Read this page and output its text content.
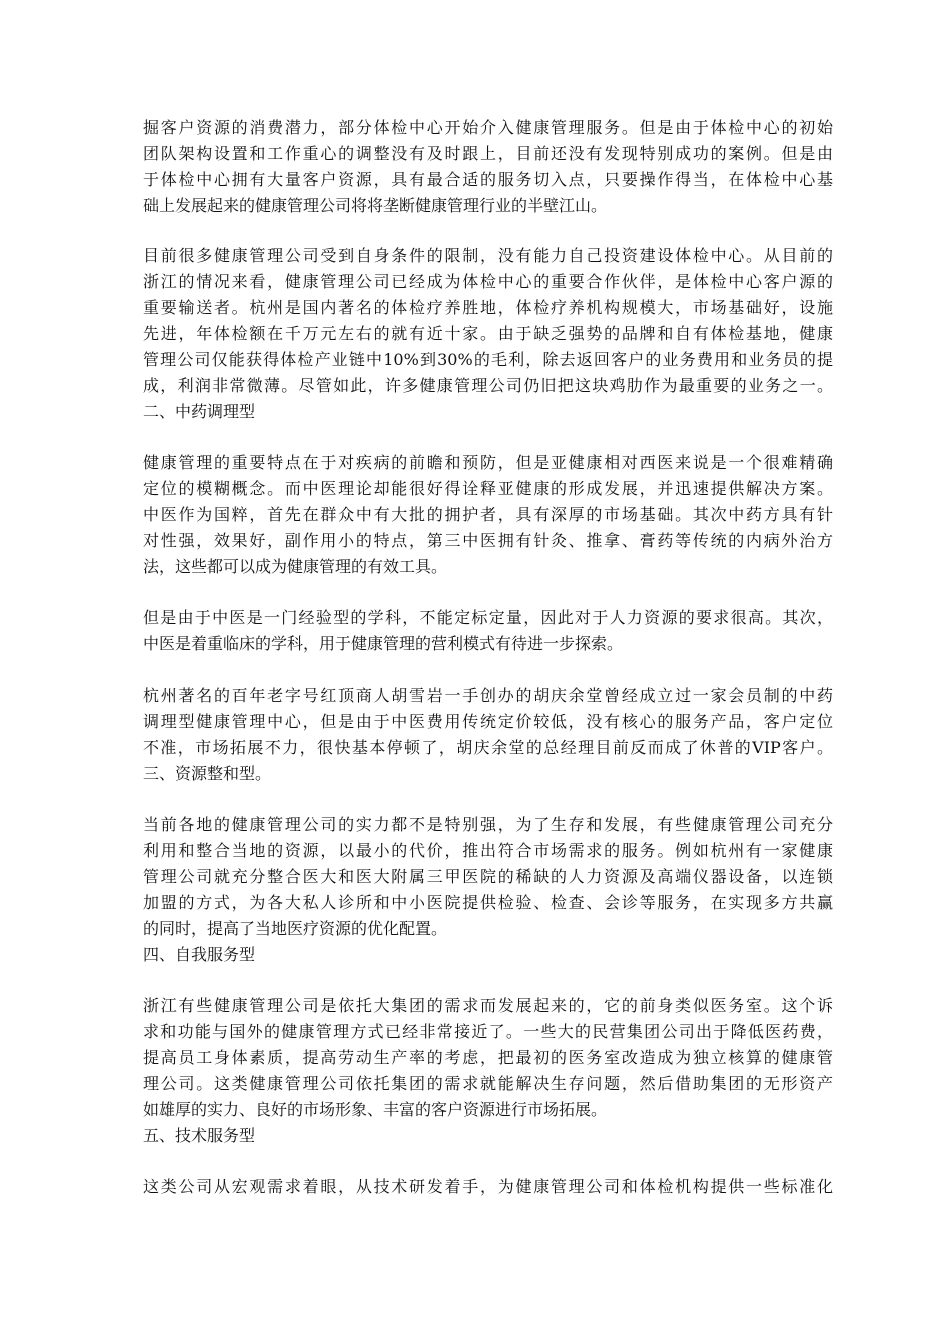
掘客户资源的消费潜力，部分体检中心开始介入健康管理服务。但是由于体检中心的初始
团队架构设置和工作重心的调整没有及时跟上，目前还没有发现特别成功的案例。但是由
于体检中心拥有大量客户资源，具有最合适的服务切入点，只要操作得当，在体检中心基
础上发展起来的健康管理公司将将垄断健康管理行业的半壁江山。
目前很多健康管理公司受到自身条件的限制，没有能力自己投资建设体检中心。从目前的
浙江的情况来看，健康管理公司已经成为体检中心的重要合作伙伴，是体检中心客户源的
重要输送者。杭州是国内著名的体检疗养胜地，体检疗养机构规模大，市场基础好，设施
先进，年体检额在千万元左右的就有近十家。由于缺乏强势的品牌和自有体检基地，健康
管理公司仅能获得体检产业链中10%到30%的毛利，除去返回客户的业务费用和业务员的提
成，利润非常微薄。尽管如此，许多健康管理公司仍旧把这块鸡肋作为最重要的业务之一。
二、中药调理型
健康管理的重要特点在于对疾病的前瞻和预防，但是亚健康相对西医来说是一个很难精确
定位的模糊概念。而中医理论却能很好得诠释亚健康的形成发展，并迅速提供解决方案。
中医作为国粹，首先在群众中有大批的拥护者，具有深厚的市场基础。其次中药方具有针
对性强，效果好，副作用小的特点，第三中医拥有针灸、推拿、膏药等传统的内病外治方
法，这些都可以成为健康管理的有效工具。
但是由于中医是一门经验型的学科，不能定标定量，因此对于人力资源的要求很高。其次，
中医是着重临床的学科，用于健康管理的营利模式有待进一步探索。
杭州著名的百年老字号红顶商人胡雪岩一手创办的胡庆余堂曾经成立过一家会员制的中药
调理型健康管理中心，但是由于中医费用传统定价较低，没有核心的服务产品，客户定位
不准，市场拓展不力，很快基本停顿了，胡庆余堂的总经理目前反而成了休普的VIP客户。
三、资源整和型。
当前各地的健康管理公司的实力都不是特别强，为了生存和发展，有些健康管理公司充分
利用和整合当地的资源，以最小的代价，推出符合市场需求的服务。例如杭州有一家健康
管理公司就充分整合医大和医大附属三甲医院的稀缺的人力资源及高端仪器设备，以连锁
加盟的方式，为各大私人诊所和中小医院提供检验、检查、会诊等服务，在实现多方共赢
的同时，提高了当地医疗资源的优化配置。
四、自我服务型
浙江有些健康管理公司是依托大集团的需求而发展起来的，它的前身类似医务室。这个诉
求和功能与国外的健康管理方式已经非常接近了。一些大的民营集团公司出于降低医药费，
提高员工身体素质，提高劳动生产率的考虑，把最初的医务室改造成为独立核算的健康管
理公司。这类健康管理公司依托集团的需求就能解决生存问题，然后借助集团的无形资产
如雄厚的实力、良好的市场形象、丰富的客户资源进行市场拓展。
五、技术服务型
这类公司从宏观需求着眼，从技术研发着手，为健康管理公司和体检机构提供一些标准化
